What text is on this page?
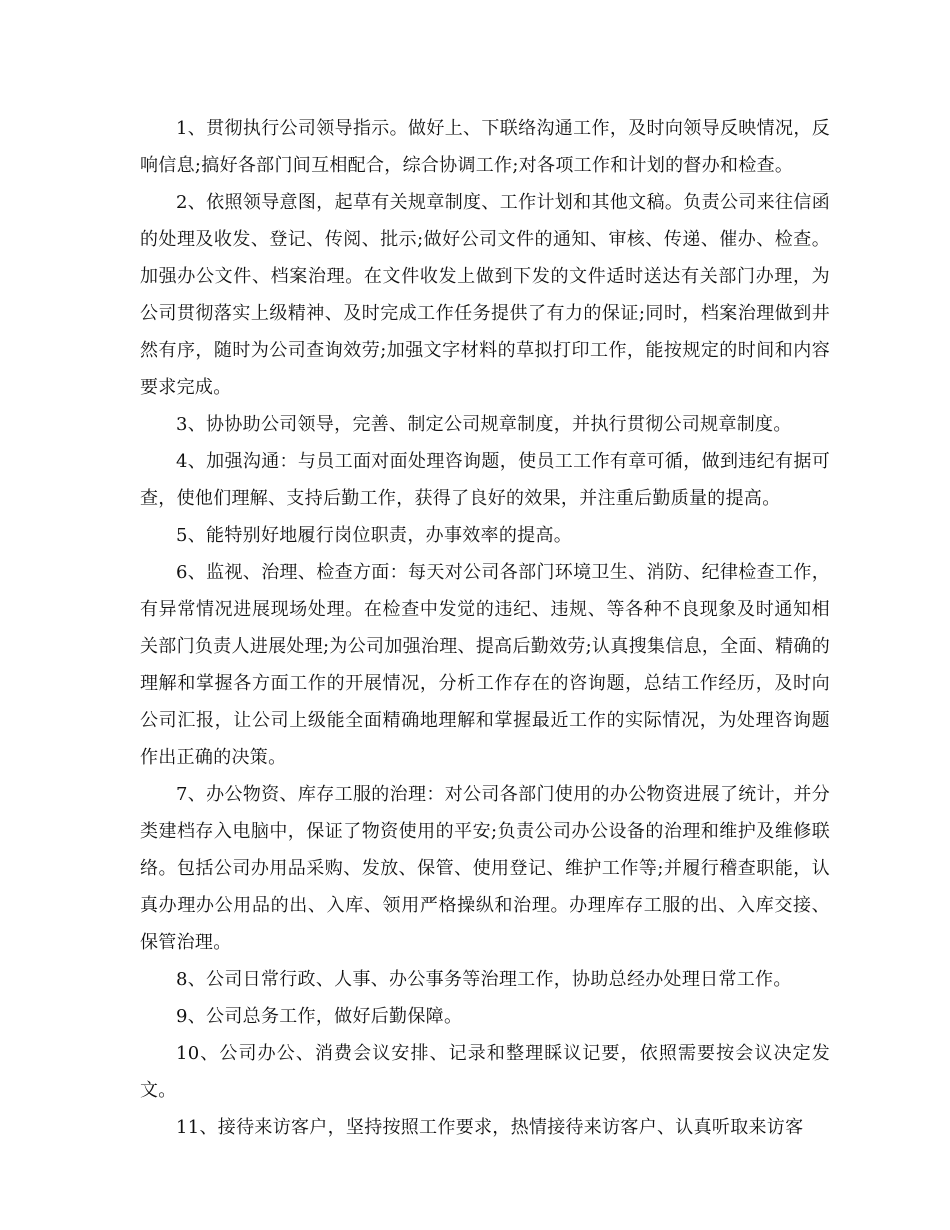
1、贯彻执行公司领导指示。做好上、下联络沟通工作，及时向领导反映情况，反响信息;搞好各部门间互相配合，综合协调工作;对各项工作和计划的督办和检查。

2、依照领导意图，起草有关规章制度、工作计划和其他文稿。负责公司来往信函的处理及收发、登记、传阅、批示;做好公司文件的通知、审核、传递、催办、检查。加强办公文件、档案治理。在文件收发上做到下发的文件适时送达有关部门办理，为公司贯彻落实上级精神、及时完成工作任务提供了有力的保证;同时，档案治理做到井然有序，随时为公司查询效劳;加强文字材料的草拟打印工作，能按规定的时间和内容要求完成。

3、协协助公司领导，完善、制定公司规章制度，并执行贯彻公司规章制度。

4、加强沟通：与员工面对面处理咨询题，使员工工作有章可循，做到违纪有据可查，使他们理解、支持后勤工作，获得了良好的效果，并注重后勤质量的提高。

5、能特别好地履行岗位职责，办事效率的提高。

6、监视、治理、检查方面：每天对公司各部门环境卫生、消防、纪律检查工作，有异常情况进展现场处理。在检查中发觉的违纪、违规、等各种不良现象及时通知相关部门负责人进展处理;为公司加强治理、提高后勤效劳;认真搜集信息，全面、精确的理解和掌握各方面工作的开展情况，分析工作存在的咨询题，总结工作经历，及时向公司汇报，让公司上级能全面精确地理解和掌握最近工作的实际情况，为处理咨询题作出正确的决策。

7、办公物资、库存工服的治理：对公司各部门使用的办公物资进展了统计，并分类建档存入电脑中，保证了物资使用的平安;负责公司办公设备的治理和维护及维修联络。包括公司办用品采购、发放、保管、使用登记、维护工作等;并履行稽查职能，认真办理办公用品的出、入库、领用严格操纵和治理。办理库存工服的出、入库交接、保管治理。

8、公司日常行政、人事、办公事务等治理工作，协助总经办处理日常工作。

9、公司总务工作，做好后勤保障。

10、公司办公、消费会议安排、记录和整理睬议记要，依照需要按会议决定发文。

11、接待来访客户，坚持按照工作要求，热情接待来访客户、认真听取来访客
